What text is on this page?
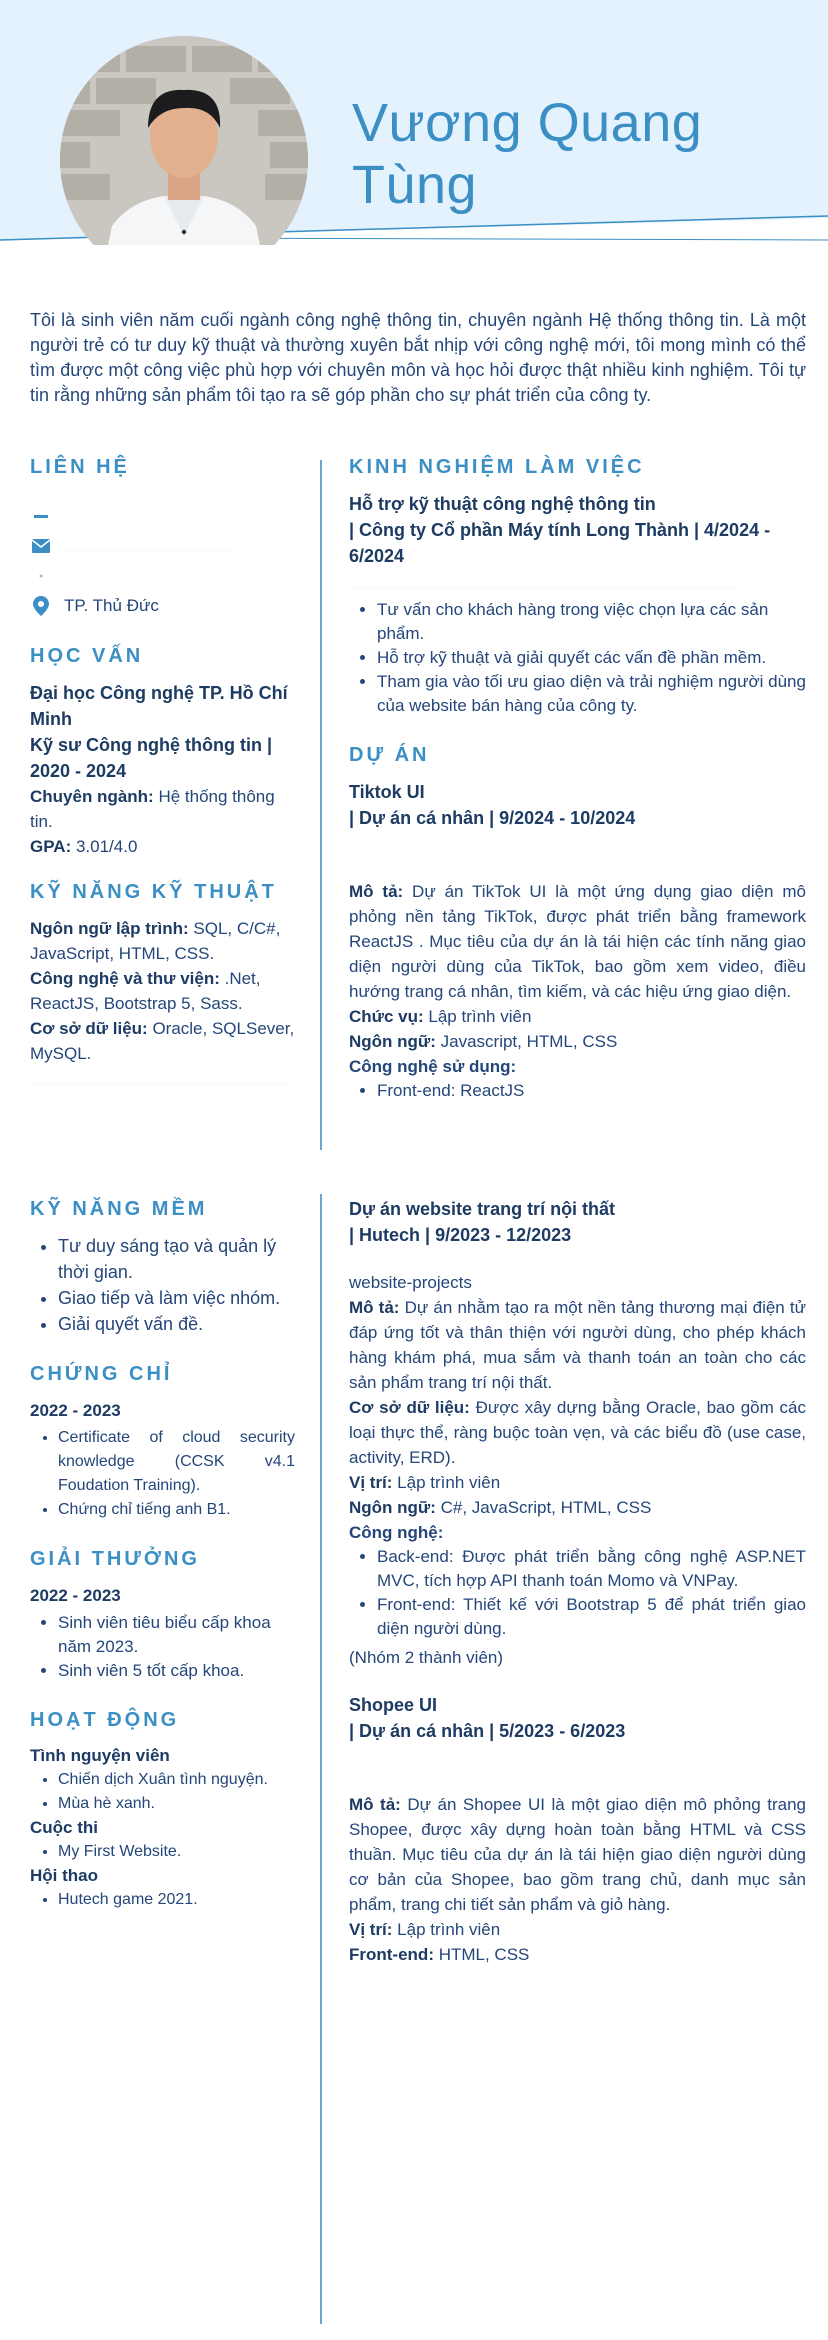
Vương Quang Tùng
Tôi là sinh viên năm cuối ngành công nghệ thông tin, chuyên ngành Hệ thống thông tin. Là một người trẻ có tư duy kỹ thuật và thường xuyên bắt nhịp với công nghệ mới, tôi mong mình có thể tìm được một công việc phù hợp với chuyên môn và học hỏi được thật nhiều kinh nghiệm. Tôi tự tin rằng những sản phẩm tôi tạo ra sẽ góp phần cho sự phát triển của công ty.
LIÊN HỆ
TP. Thủ Đức
HỌC VẤN
Đại học Công nghệ TP. Hồ Chí Minh
Kỹ sư Công nghệ thông tin | 2020 - 2024
Chuyên ngành: Hệ thống thông tin.
GPA: 3.01/4.0
KỸ NĂNG KỸ THUẬT
Ngôn ngữ lập trình: SQL, C/C#, JavaScript, HTML, CSS.
Công nghệ và thư viện: .Net, ReactJS, Bootstrap 5, Sass.
Cơ sở dữ liệu: Oracle, SQLSever, MySQL.
KINH NGHIỆM LÀM VIỆC
Hỗ trợ kỹ thuật công nghệ thông tin
| Công ty Cổ phần Máy tính Long Thành | 4/2024 - 6/2024
• Tư vấn cho khách hàng trong việc chọn lựa các sản phẩm.
• Hỗ trợ kỹ thuật và giải quyết các vấn đề phần mềm.
• Tham gia vào tối ưu giao diện và trải nghiệm người dùng của website bán hàng của công ty.
DỰ ÁN
Tiktok UI
| Dự án cá nhân | 9/2024 - 10/2024
Mô tả: Dự án TikTok UI là một ứng dụng giao diện mô phỏng nền tảng TikTok, được phát triển bằng framework ReactJS . Mục tiêu của dự án là tái hiện các tính năng giao diện người dùng của TikTok, bao gồm xem video, điều hướng trang cá nhân, tìm kiếm, và các hiệu ứng giao diện.
Chức vụ: Lập trình viên
Ngôn ngữ: Javascript, HTML, CSS
Công nghệ sử dụng:
• Front-end: ReactJS
KỸ NĂNG MỀM
• Tư duy sáng tạo và quản lý thời gian.
• Giao tiếp và làm việc nhóm.
• Giải quyết vấn đề.
CHỨNG CHỈ
2022 - 2023
• Certificate of cloud security knowledge (CCSK v4.1 Foudation Training).
• Chứng chỉ tiếng anh B1.
GIẢI THƯỞNG
2022 - 2023
• Sinh viên tiêu biểu cấp khoa năm 2023.
• Sinh viên 5 tốt cấp khoa.
HOẠT ĐỘNG
Tình nguyện viên
• Chiến dịch Xuân tình nguyện.
• Mùa hè xanh.
Cuộc thi
• My First Website.
Hội thao
• Hutech game 2021.
Dự án website trang trí nội thất
| Hutech | 9/2023 - 12/2023
website-projects
Mô tả: Dự án nhằm tạo ra một nền tảng thương mại điện tử đáp ứng tốt và thân thiện với người dùng, cho phép khách hàng khám phá, mua sắm và thanh toán an toàn cho các sản phẩm trang trí nội thất.
Cơ sở dữ liệu: Được xây dựng bằng Oracle, bao gồm các loại thực thể, ràng buộc toàn vẹn, và các biểu đồ (use case, activity, ERD).
Vị trí: Lập trình viên
Ngôn ngữ: C#, JavaScript, HTML, CSS
Công nghệ:
• Back-end: Được phát triển bằng công nghệ ASP.NET MVC, tích hợp API thanh toán Momo và VNPay.
• Front-end: Thiết kế với Bootstrap 5 để phát triển giao diện người dùng.
(Nhóm 2 thành viên)
Shopee UI
| Dự án cá nhân | 5/2023 - 6/2023
Mô tả: Dự án Shopee UI là một giao diện mô phỏng trang Shopee, được xây dựng hoàn toàn bằng HTML và CSS thuần. Mục tiêu của dự án là tái hiện giao diện người dùng cơ bản của Shopee, bao gồm trang chủ, danh mục sản phẩm, trang chi tiết sản phẩm và giỏ hàng.
Vị trí: Lập trình viên
Front-end: HTML, CSS
